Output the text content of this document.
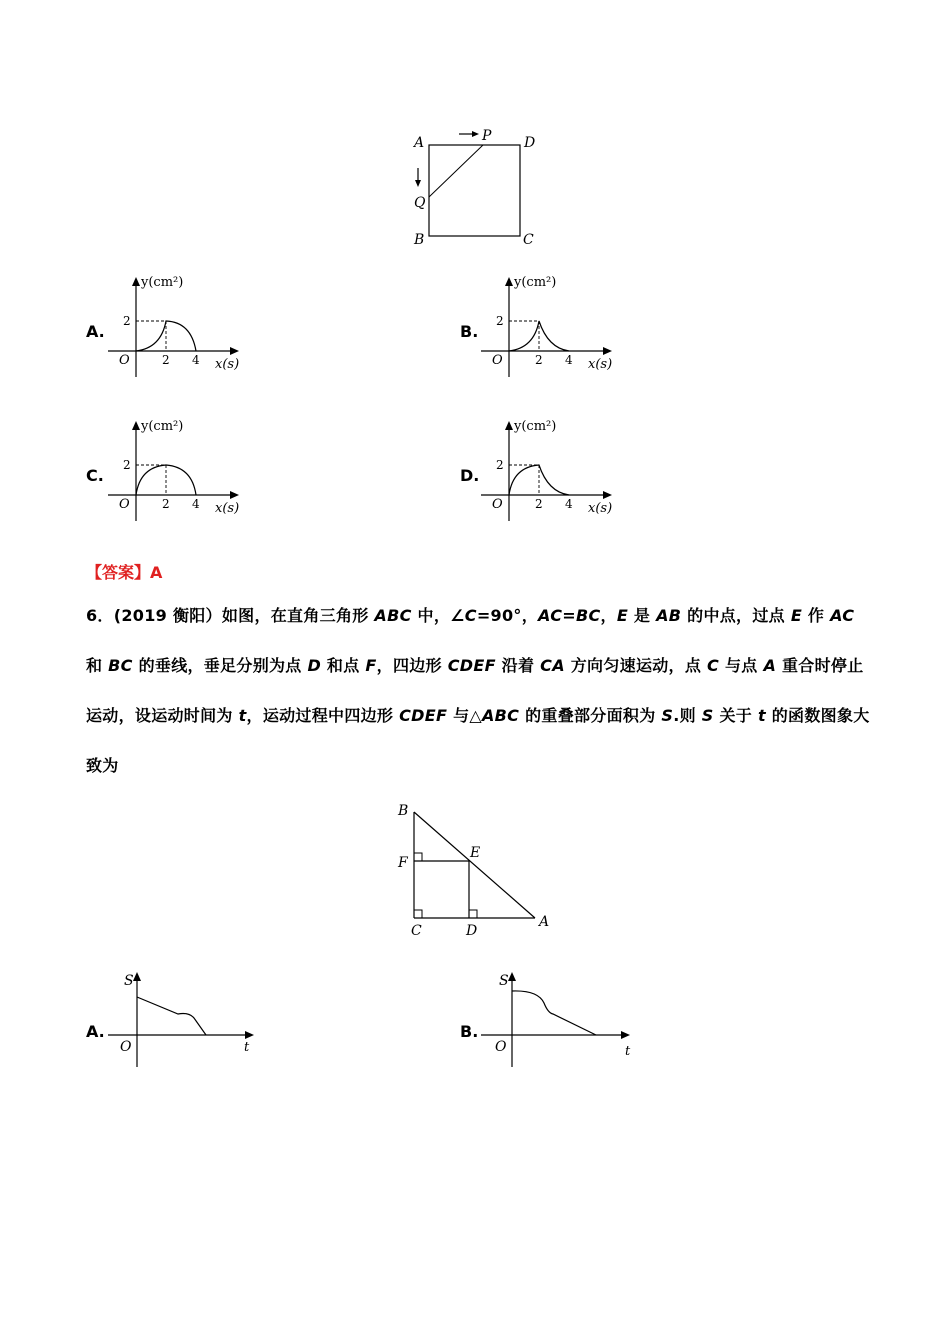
A	P D
Q
B	C
A.
y(cm²)
2
O	2 4 x(s)
B.
y(cm²)
2
O	2 4 x(s)
C.
y(cm²)
2
O	2 4 x(s)
D.
y(cm²)
2
O	2 4 x(s)
【答案】A
6．(2019 衡阳）如图，在直角三角形 ABC 中，∠C=90°，AC=BC，E 是 AB 的中点，过点 E 作 AC
和 BC 的垂线，垂足分别为点 D 和点 F，四边形 CDEF 沿着 CA 方向匀速运动，点 C 与点 A 重合时停止
运动，设运动时间为 t，运动过程中四边形 CDEF 与△ABC 的重叠部分面积为 S.则 S 关于 t 的函数图象大
致为
B
F
E
C	D
A
A.
S
O	t
B.
S
O	t
